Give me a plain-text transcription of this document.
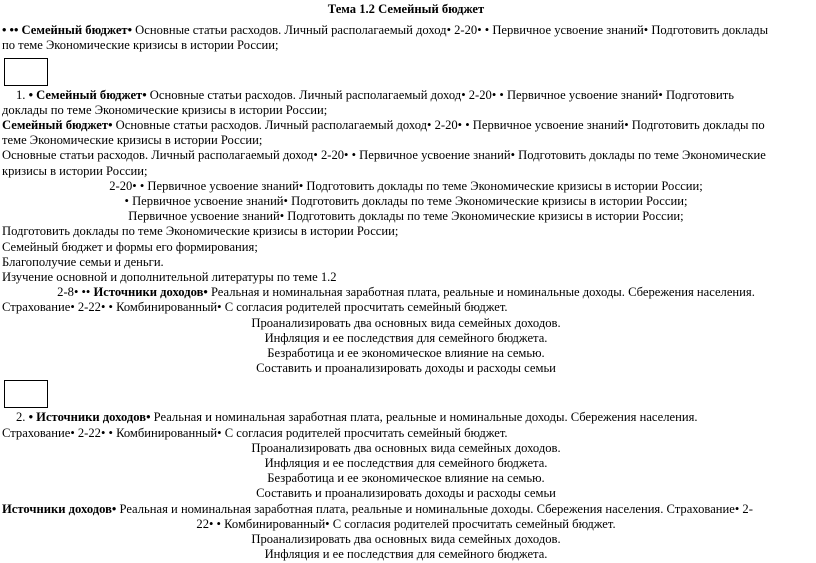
Тема 1.2 Семейный бюджет
• •• Семейный бюджет• Основные статьи расходов. Личный располагаемый доход• 2-20• • Первичное усвоение знаний• Подготовить доклады
по теме Экономические кризисы в истории России;
1. • Семейный бюджет• Основные статьи расходов. Личный располагаемый доход• 2-20• • Первичное усвоение знаний• Подготовить
доклады по теме Экономические кризисы в истории России;
Семейный бюджет• Основные статьи расходов. Личный располагаемый доход• 2-20• • Первичное усвоение знаний• Подготовить доклады по
теме Экономические кризисы в истории России;
Основные статьи расходов. Личный располагаемый доход• 2-20• • Первичное усвоение знаний• Подготовить доклады по теме Экономические
кризисы в истории России;
2-20• • Первичное усвоение знаний• Подготовить доклады по теме Экономические кризисы в истории России;
• Первичное усвоение знаний• Подготовить доклады по теме Экономические кризисы в истории России;
Первичное усвоение знаний• Подготовить доклады по теме Экономические кризисы в истории России;
Подготовить доклады по теме Экономические кризисы в истории России;
Семейный бюджет и формы его формирования;
Благополучие семьи и деньги.
Изучение основной и дополнительной литературы по теме 1.2
2-8• •• Источники доходов• Реальная и номинальная заработная плата, реальные и номинальные доходы. Сбережения населения.
Страхование• 2-22• • Комбинированный• С согласия родителей просчитать семейный бюджет.
Проанализировать два основных вида семейных доходов.
Инфляция и ее последствия для семейного бюджета.
Безработица и ее экономическое влияние на семью.
Составить и проанализировать доходы и расходы семьи
2. • Источники доходов• Реальная и номинальная заработная плата, реальные и номинальные доходы. Сбережения населения.
Страхование• 2-22• • Комбинированный• С согласия родителей просчитать семейный бюджет.
Проанализировать два основных вида семейных доходов.
Инфляция и ее последствия для семейного бюджета.
Безработица и ее экономическое влияние на семью.
Составить и проанализировать доходы и расходы семьи
Источники доходов• Реальная и номинальная заработная плата, реальные и номинальные доходы. Сбережения населения. Страхование• 2-
22• • Комбинированный• С согласия родителей просчитать семейный бюджет.
Проанализировать два основных вида семейных доходов.
Инфляция и ее последствия для семейного бюджета.
